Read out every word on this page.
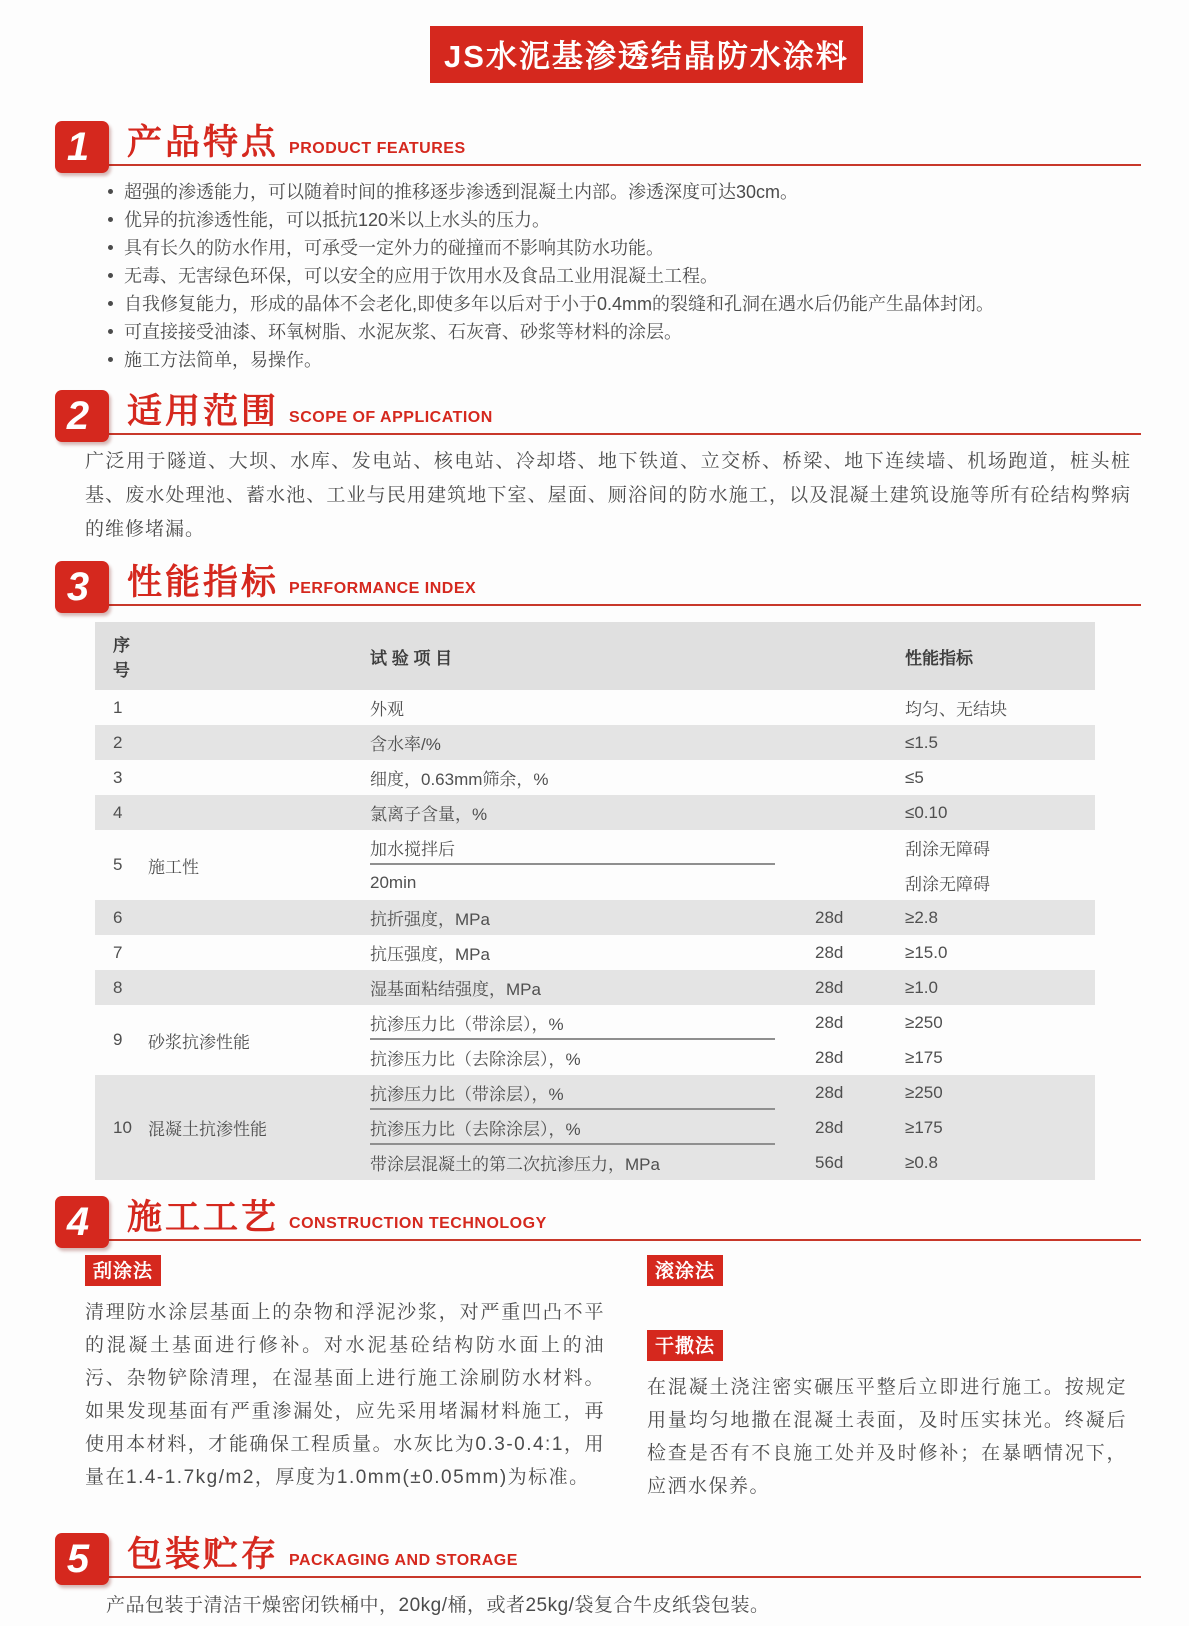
JS水泥基渗透结晶防水涂料
1	产品特点 PRODUCT FEATURES
超强的渗透能力，可以随着时间的推移逐步渗透到混凝土内部。渗透深度可达30cm。
优异的抗渗透性能，可以抵抗120米以上水头的压力。
具有长久的防水作用，可承受一定外力的碰撞而不影响其防水功能。
无毒、无害绿色环保，可以安全的应用于饮用水及食品工业用混凝土工程。
自我修复能力，形成的晶体不会老化,即使多年以后对于小于0.4mm的裂缝和孔洞在遇水后仍能产生晶体封闭。
可直接接受油漆、环氧树脂、水泥灰浆、石灰膏、砂浆等材料的涂层。
施工方法简单，易操作。
2	适用范围 SCOPE OF APPLICATION

广泛用于隧道、大坝、水库、发电站、核电站、冷却塔、地下铁道、立交桥、桥梁、地下连续墙、机场跑道，桩头桩基、废水处理池、蓄水池、工业与民用建筑地下室、屋面、厕浴间的防水施工，以及混凝土建筑设施等所有砼结构弊病的维修堵漏。

3	性能指标 PERFORMANCE INDEX
序号		试 验 项 目		性能指标
1		外观		均匀、无结块
2		含水率/%		≤1.5
3		细度，0.63mm筛余，%		≤5
4		氯离子含量，%		≤0.10
5	施工性	加水搅拌后		刮涂无障碍
		20min		刮涂无障碍
6		抗折强度，MPa	28d	≥2.8
7		抗压强度，MPa	28d	≥15.0
8		湿基面粘结强度，MPa	28d	≥1.0
9	砂浆抗渗性能	抗渗压力比（带涂层），%	28d	≥250
		抗渗压力比（去除涂层），%	28d	≥175
10	混凝土抗渗性能	抗渗压力比（带涂层），%	28d	≥250
		抗渗压力比（去除涂层），%	28d	≥175
		带涂层混凝土的第二次抗渗压力，MPa	56d	≥0.8
4	施工工艺 CONSTRUCTION TECHNOLOGY
刮涂法

清理防水涂层基面上的杂物和浮泥沙浆，对严重凹凸不平的混凝土基面进行修补。对水泥基砼结构防水面上的油污、杂物铲除清理，在湿基面上进行施工涂刷防水材料。如果发现基面有严重渗漏处，应先采用堵漏材料施工，再使用本材料，才能确保工程质量。水灰比为0.3-0.4:1，用量在1.4-1.7kg/m2，厚度为1.0mm(±0.05mm)为标准。

滚涂法
干撒法

在混凝土浇注密实碾压平整后立即进行施工。按规定用量均匀地撒在混凝土表面，及时压实抹光。终凝后检查是否有不良施工处并及时修补；在暴晒情况下，应洒水保养。

5	包装贮存 PACKAGING AND STORAGE

产品包装于清洁干燥密闭铁桶中，20kg/桶，或者25kg/袋复合牛皮纸袋包装。
